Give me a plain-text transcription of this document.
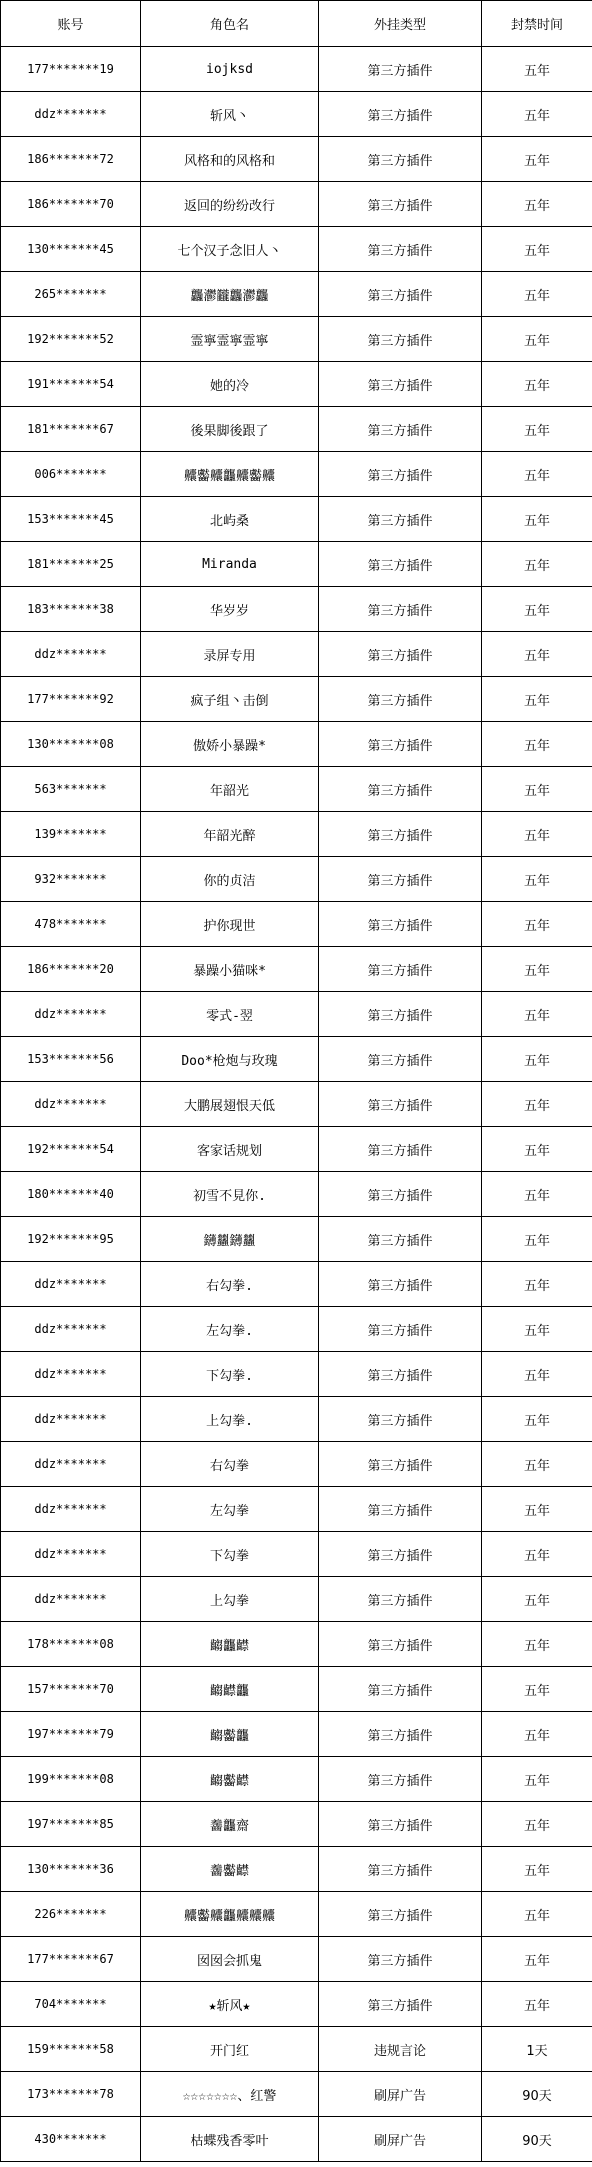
账号	角色名	外挂类型	封禁时间
177*******19	iojksd	第三方插件	五年
ddz*******	斩风丶	第三方插件	五年
186*******72	风格和的风格和	第三方插件	五年
186*******70	返回的纷纷改行	第三方插件	五年
130*******45	七个汉子念旧人丶	第三方插件	五年
265*******	龘灪龖龘灪龘	第三方插件	五年
192*******52	霊寧霊寧霊寧	第三方插件	五年
191*******54	她的冷	第三方插件	五年
181*******67	後果脚後跟了	第三方插件	五年
006*******	齉齾齉龘齉齾齉	第三方插件	五年
153*******45	北屿桑	第三方插件	五年
181*******25	Miranda	第三方插件	五年
183*******38	华岁岁	第三方插件	五年
ddz*******	录屏专用	第三方插件	五年
177*******92	疯子组丶击倒	第三方插件	五年
130*******08	傲娇小暴躁*	第三方插件	五年
563*******	年韶光	第三方插件	五年
139*******	年韶光醉	第三方插件	五年
932*******	你的贞洁	第三方插件	五年
478*******	护你现世	第三方插件	五年
186*******20	暴躁小猫咪*	第三方插件	五年
ddz*******	零式-翌	第三方插件	五年
153*******56	Doo*枪炮与玫瑰	第三方插件	五年
ddz*******	大鹏展翅恨天低	第三方插件	五年
192*******54	客家话规划	第三方插件	五年
180*******40	初雪不見你.	第三方插件	五年
192*******95	鑮蠿鑮蠿	第三方插件	五年
ddz*******	右勾拳.	第三方插件	五年
ddz*******	左勾拳.	第三方插件	五年
ddz*******	下勾拳.	第三方插件	五年
ddz*******	上勾拳.	第三方插件	五年
ddz*******	右勾拳	第三方插件	五年
ddz*******	左勾拳	第三方插件	五年
ddz*******	下勾拳	第三方插件	五年
ddz*******	上勾拳	第三方插件	五年
178*******08	齺龘齽	第三方插件	五年
157*******70	齺齽龘	第三方插件	五年
197*******79	齺齾龘	第三方插件	五年
199*******08	齺齾齽	第三方插件	五年
197*******85	齹龘齋	第三方插件	五年
130*******36	齹齾齽	第三方插件	五年
226*******	齉齾齉龘齉齉齉	第三方插件	五年
177*******67	囡囡会抓鬼	第三方插件	五年
704*******	★斩风★	第三方插件	五年
159*******58	开门红	违规言论	1天
173*******78	☆☆☆☆☆☆☆、红警	刷屏广告	90天
430*******	枯蝶残香零叶	刷屏广告	90天
